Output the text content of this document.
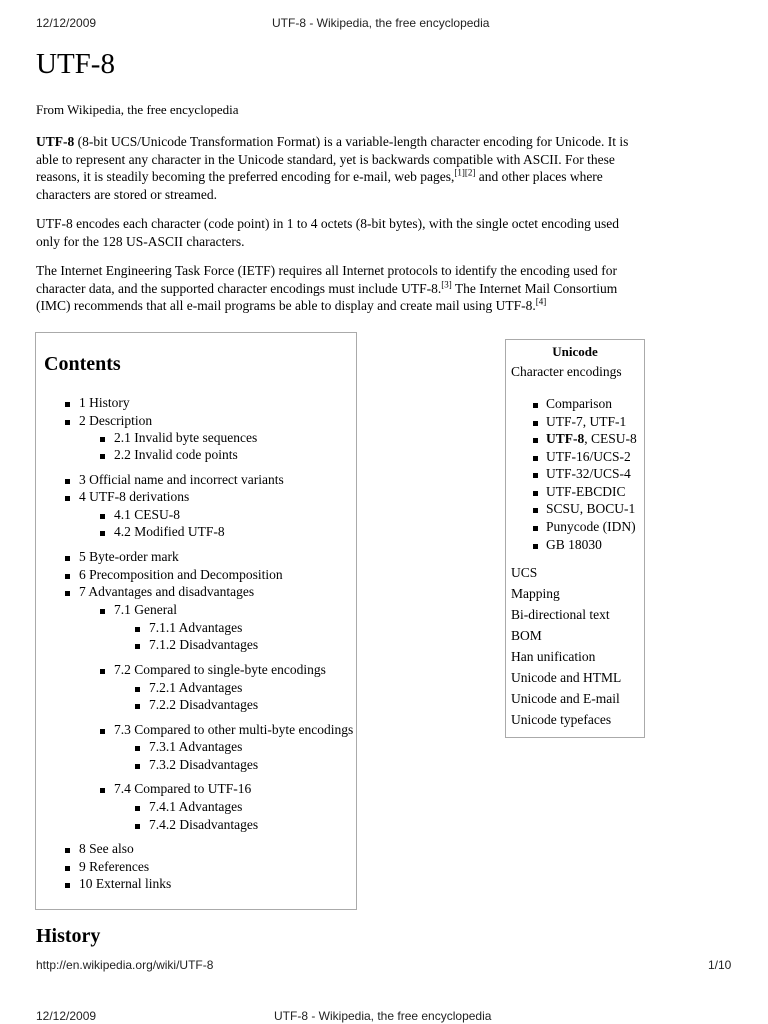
12/12/2009	UTF-8 - Wikipedia, the free encyclopedia
UTF-8
From Wikipedia, the free encyclopedia

UTF-8 (8-bit UCS/Unicode Transformation Format) is a variable-length character encoding for Unicode. It is able to represent any character in the Unicode standard, yet is backwards compatible with ASCII. For these reasons, it is steadily becoming the preferred encoding for e-mail, web pages,[1][2] and other places where characters are stored or streamed.

UTF-8 encodes each character (code point) in 1 to 4 octets (8-bit bytes), with the single octet encoding used only for the 128 US-ASCII characters.

The Internet Engineering Task Force (IETF) requires all Internet protocols to identify the encoding used for character data, and the supported character encodings must include UTF-8.[3] The Internet Mail Consortium (IMC) recommends that all e-mail programs be able to display and create mail using UTF-8.[4]

Contents
1 History
2 Description
2.1 Invalid byte sequences
2.2 Invalid code points
3 Official name and incorrect variants
4 UTF-8 derivations
4.1 CESU-8
4.2 Modified UTF-8
5 Byte-order mark
6 Precomposition and Decomposition
7 Advantages and disadvantages
7.1 General
7.1.1 Advantages
7.1.2 Disadvantages
7.2 Compared to single-byte encodings
7.2.1 Advantages
7.2.2 Disadvantages
7.3 Compared to other multi-byte encodings
7.3.1 Advantages
7.3.2 Disadvantages
7.4 Compared to UTF-16
7.4.1 Advantages
7.4.2 Disadvantages
8 See also
9 References
10 External links
Unicode
Character encodings
Comparison
UTF-7, UTF-1
UTF-8, CESU-8
UTF-16/UCS-2
UTF-32/UCS-4
UTF-EBCDIC
SCSU, BOCU-1
Punycode (IDN)
GB 18030
UCS
Mapping
Bi-directional text
BOM
Han unification
Unicode and HTML
Unicode and E-mail
Unicode typefaces
History
http://en.wikipedia.org/wiki/UTF-8	1/10
12/12/2009	UTF-8 - Wikipedia, the free encyclopedia
